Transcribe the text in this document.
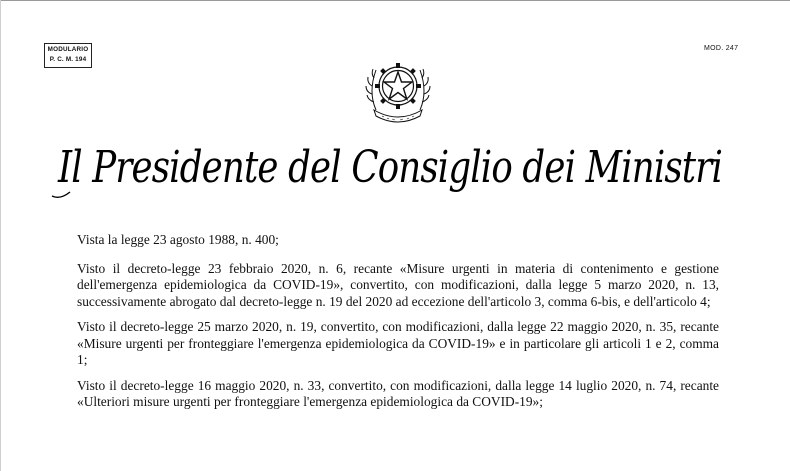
MODULARIO
P. C. M. 194
MOD. 247
Il Presidente del Consiglio dei Ministri

Vista la legge 23 agosto 1988, n. 400;

Visto il decreto-legge 23 febbraio 2020, n. 6, recante «Misure urgenti in materia di contenimento e gestione dell'emergenza epidemiologica da COVID-19», convertito, con modificazioni, dalla legge 5 marzo 2020, n. 13, successivamente abrogato dal decreto-legge n. 19 del 2020 ad eccezione dell'articolo 3, comma 6-bis, e dell'articolo 4;

Visto il decreto-legge 25 marzo 2020, n. 19, convertito, con modificazioni, dalla legge 22 maggio 2020, n. 35, recante «Misure urgenti per fronteggiare l'emergenza epidemiologica da COVID-19» e in particolare gli articoli 1 e 2, comma 1;

Visto il decreto-legge 16 maggio 2020, n. 33, convertito, con modificazioni, dalla legge 14 luglio 2020, n. 74, recante «Ulteriori misure urgenti per fronteggiare l'emergenza epidemiologica da COVID-19»;
